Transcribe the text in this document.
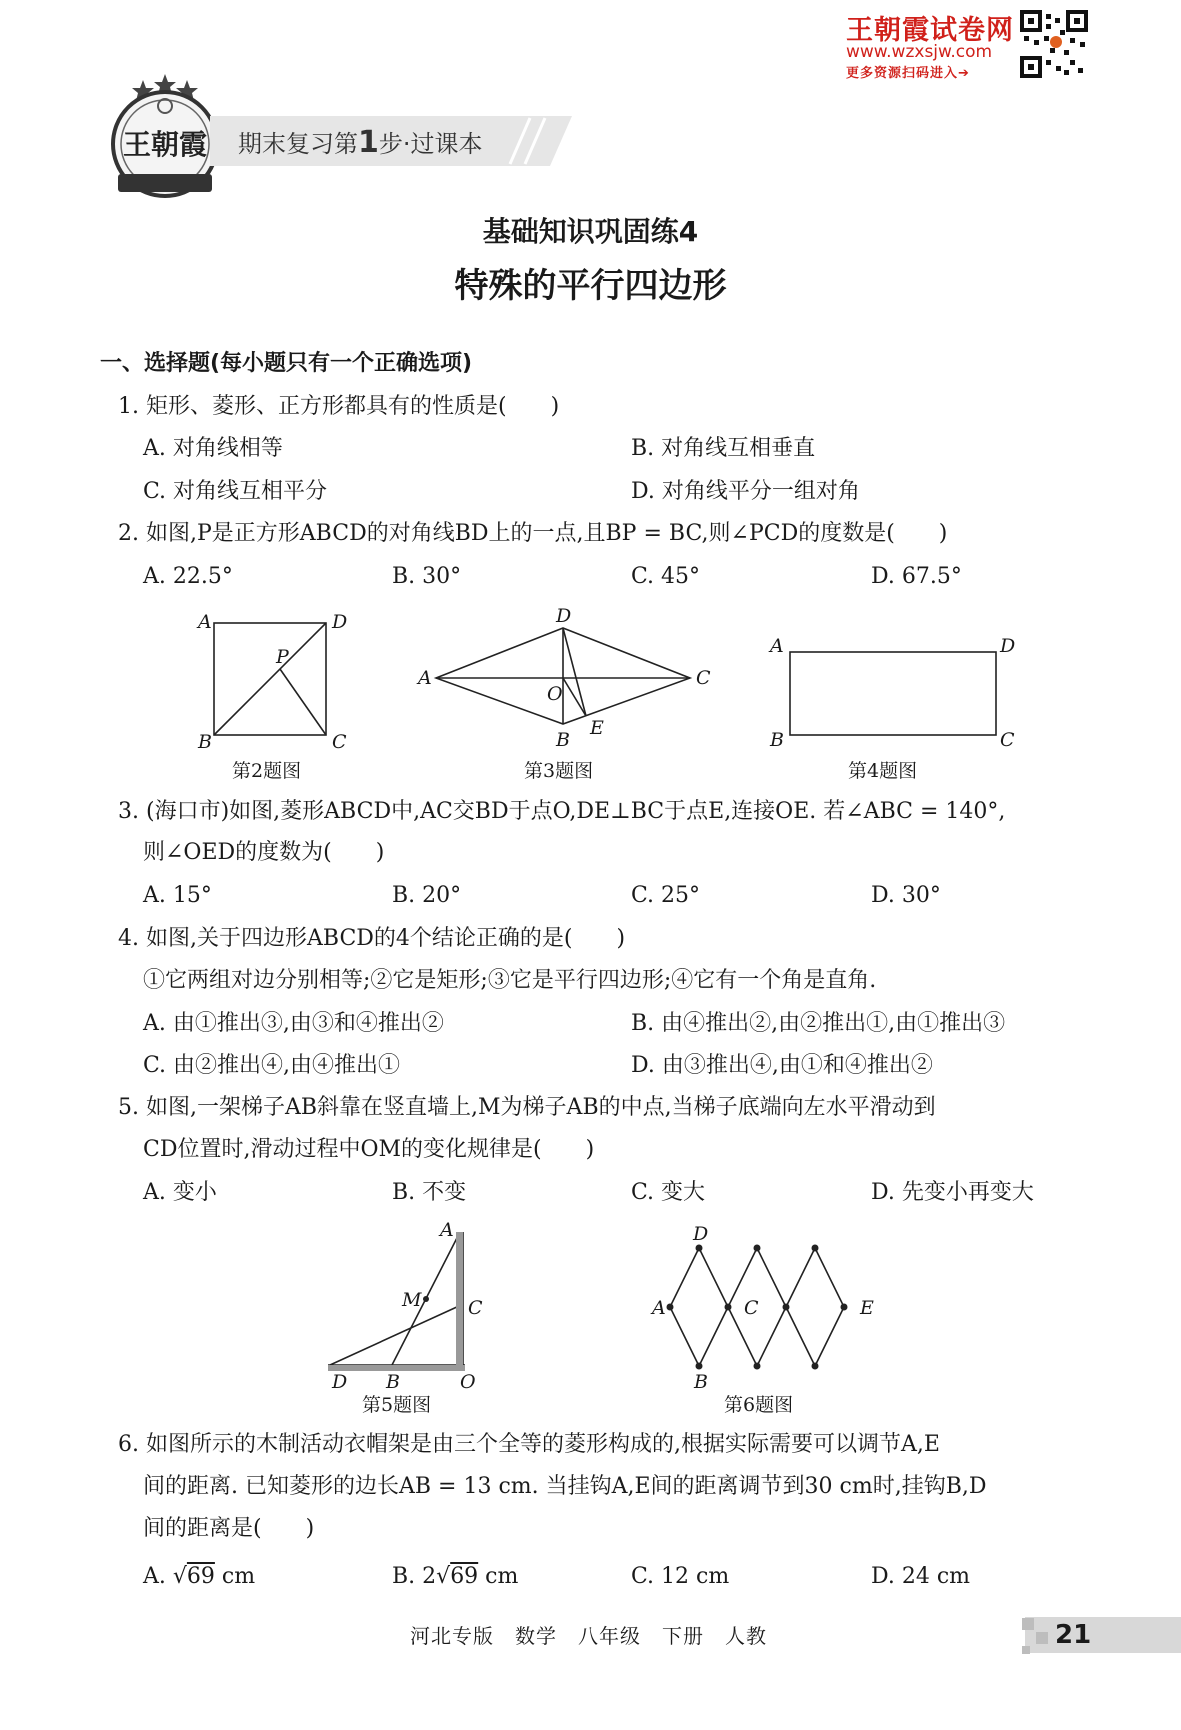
王朝霞试卷网
www.wzxsjw.com
更多资源扫码进入➔
王朝霞 期末复习第1步·过课本
基础知识巩固练4
特殊的平行四边形
一、选择题(每小题只有一个正确选项)
1. 矩形、菱形、正方形都具有的性质是(　　)
A. 对角线相等	B. 对角线互相垂直
C. 对角线互相平分	D. 对角线平分一组对角
2. 如图,P是正方形ABCD的对角线BD上的一点,且BP = BC,则∠PCD的度数是(　　)
A. 22.5°	B. 30°	C. 45°	D. 67.5°
A	D
B	C
P
第2题图
A
D
C
B
O
E
第3题图
A	D
B	C
第4题图
3. (海口市)如图,菱形ABCD中,AC交BD于点O,DE⊥BC于点E,连接OE. 若∠ABC = 140°,
则∠OED的度数为(　　)
A. 15°	B. 20°	C. 25°	D. 30°
4. 如图,关于四边形ABCD的4个结论正确的是(　　)
①它两组对边分别相等;②它是矩形;③它是平行四边形;④它有一个角是直角.
A. 由①推出③,由③和④推出②	B. 由④推出②,由②推出①,由①推出③
C. 由②推出④,由④推出①	D. 由③推出④,由①和④推出②
5. 如图,一架梯子AB斜靠在竖直墙上,M为梯子AB的中点,当梯子底端向左水平滑动到
CD位置时,滑动过程中OM的变化规律是(　　)
A. 变小	B. 不变	C. 变大	D. 先变小再变大
A
C
M
D B	O
第5题图
D
A	C	E
B
第6题图
6. 如图所示的木制活动衣帽架是由三个全等的菱形构成的,根据实际需要可以调节A,E
间的距离. 已知菱形的边长AB = 13 cm. 当挂钩A,E间的距离调节到30 cm时,挂钩B,D
间的距离是(　　)
A. √69 cm	B. 2√69 cm	C. 12 cm	D. 24 cm
河北专版　数学　八年级　下册　人教	21
